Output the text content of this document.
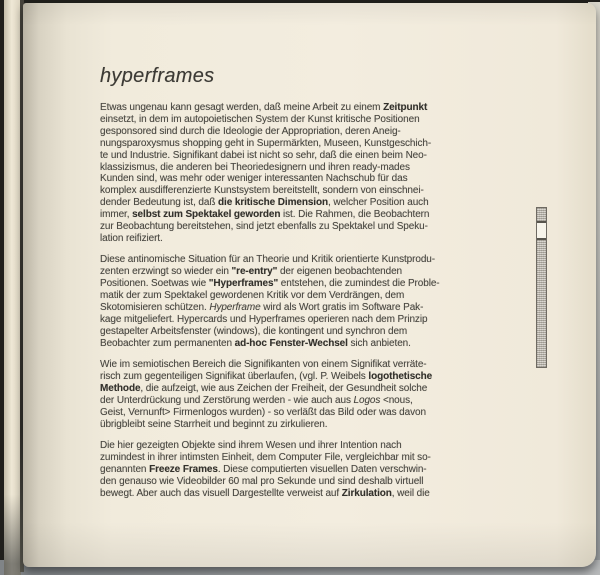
hyperframes
Etwas ungenau kann gesagt werden, daß meine Arbeit zu einem Zeitpunkt
einsetzt, in dem im autopoietischen System der Kunst kritische Positionen
gesponsored sind durch die Ideologie der Appropriation, deren Aneig-
nungsparoxysmus shopping geht in Supermärkten, Museen, Kunstgeschich-
te und Industrie. Signifikant dabei ist nicht so sehr, daß die einen beim Neo-
klassizismus, die anderen bei Theoriedesignern und ihren ready-mades
Kunden sind, was mehr oder weniger interessanten Nachschub für das
komplex ausdifferenzierte Kunstsystem bereitstellt, sondern von einschnei-
dender Bedeutung ist, daß die kritische Dimension, welcher Position auch
immer, selbst zum Spektakel geworden ist. Die Rahmen, die Beobachtern
zur Beobachtung bereitstehen, sind jetzt ebenfalls zu Spektakel und Speku-
lation reifiziert.
Diese antinomische Situation für an Theorie und Kritik orientierte Kunstprodu-
zenten erzwingt so wieder ein "re-entry" der eigenen beobachtenden
Positionen. Soetwas wie "Hyperframes" entstehen, die zumindest die Proble-
matik der zum Spektakel gewordenen Kritik vor dem Verdrängen, dem
Skotomisieren schützen. Hyperframe wird als Wort gratis im Software Pak-
kage mitgeliefert. Hypercards und Hyperframes operieren nach dem Prinzip
gestapelter Arbeitsfenster (windows), die kontingent und synchron dem
Beobachter zum permanenten ad-hoc Fenster-Wechsel sich anbieten.
Wie im semiotischen Bereich die Signifikanten von einem Signifikat verräte-
risch zum gegenteiligen Signifikat überlaufen, (vgl. P. Weibels logothetische
Methode, die aufzeigt, wie aus Zeichen der Freiheit, der Gesundheit solche
der Unterdrückung und Zerstörung werden - wie auch aus Logos <nous,
Geist, Vernunft> Firmenlogos wurden) - so verläßt das Bild oder was davon
übrigbleibt seine Starrheit und beginnt zu zirkulieren.
Die hier gezeigten Objekte sind ihrem Wesen und ihrer Intention nach
zumindest in ihrer intimsten Einheit, dem Computer File, vergleichbar mit so-
genannten Freeze Frames. Diese computierten visuellen Daten verschwin-
den genauso wie Videobilder 60 mal pro Sekunde und sind deshalb virtuell
bewegt. Aber auch das visuell Dargestellte verweist auf Zirkulation, weil die
